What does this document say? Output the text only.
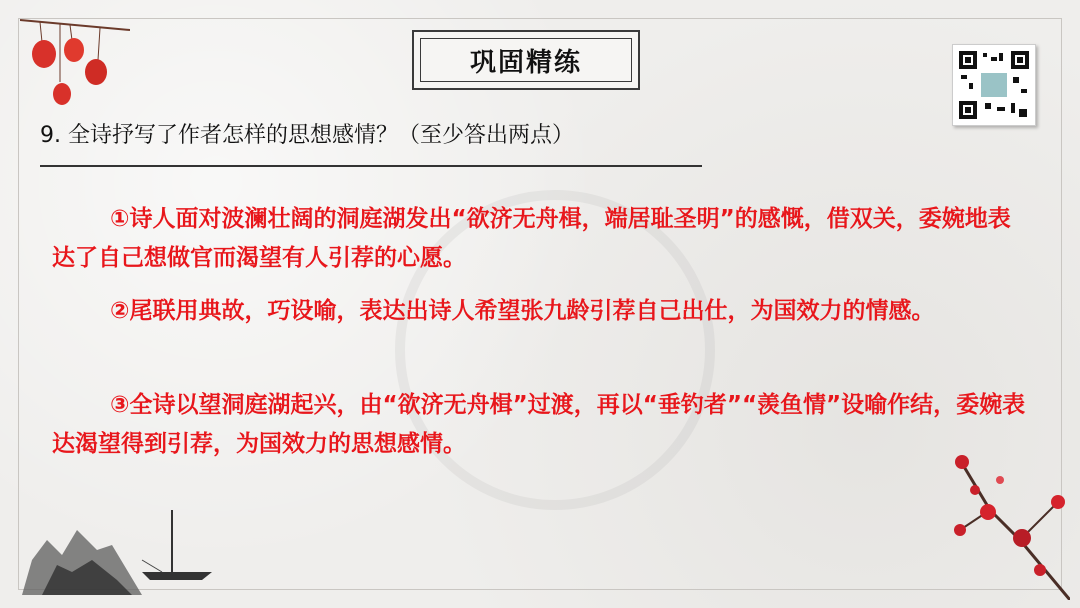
巩固精练
9. 全诗抒写了作者怎样的思想感情？（至少答出两点）

①诗人面对波澜壮阔的洞庭湖发出“欲济无舟楫，端居耻圣明”的感慨，借双关，委婉地表达了自己想做官而渴望有人引荐的心愿。

②尾联用典故，巧设喻，表达出诗人希望张九龄引荐自己出仕，为国效力的情感。

③全诗以望洞庭湖起兴，由“欲济无舟楫”过渡，再以“垂钓者”“羡鱼情”设喻作结，委婉表达渴望得到引荐，为国效力的思想感情。
